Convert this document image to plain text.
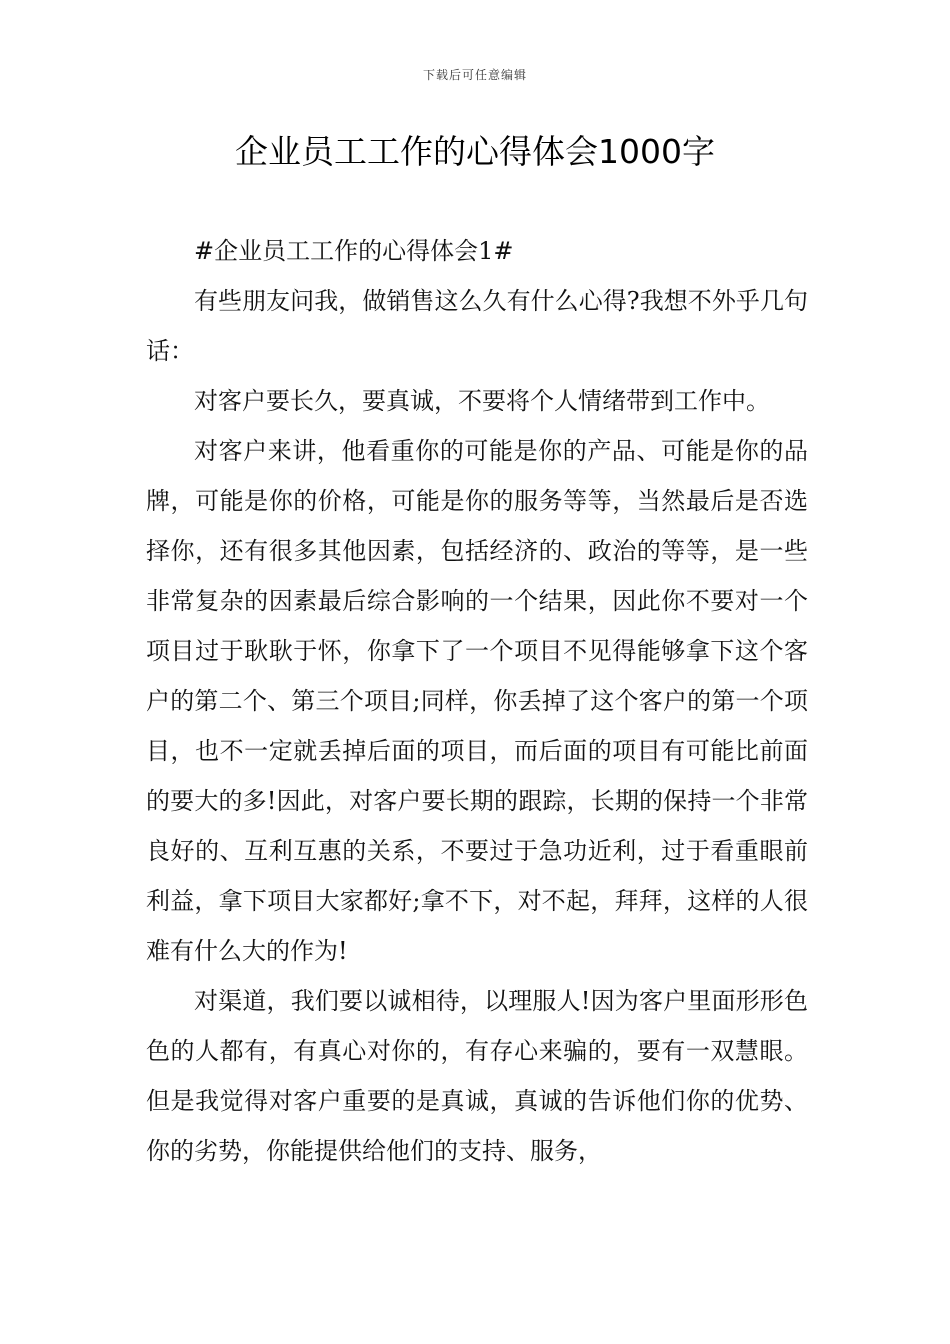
下载后可任意编辑
企业员工工作的心得体会1000字

#企业员工工作的心得体会1#

有些朋友问我，做销售这么久有什么心得?我想不外乎几句话：

对客户要长久，要真诚，不要将个人情绪带到工作中。

对客户来讲，他看重你的可能是你的产品、可能是你的品牌，可能是你的价格，可能是你的服务等等，当然最后是否选择你，还有很多其他因素，包括经济的、政治的等等，是一些非常复杂的因素最后综合影响的一个结果，因此你不要对一个项目过于耿耿于怀，你拿下了一个项目不见得能够拿下这个客户的第二个、第三个项目;同样，你丢掉了这个客户的第一个项目，也不一定就丢掉后面的项目，而后面的项目有可能比前面的要大的多!因此，对客户要长期的跟踪，长期的保持一个非常良好的、互利互惠的关系，不要过于急功近利，过于看重眼前利益，拿下项目大家都好;拿不下，对不起，拜拜，这样的人很难有什么大的作为!

对渠道，我们要以诚相待，以理服人!因为客户里面形形色色的人都有，有真心对你的，有存心来骗的，要有一双慧眼。但是我觉得对客户重要的是真诚，真诚的告诉他们你的优势、你的劣势，你能提供给他们的支持、服务，
